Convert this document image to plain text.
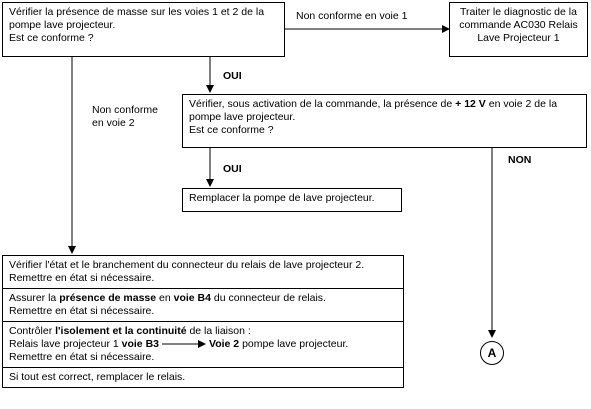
Vérifier la présence de masse sur les voies 1 et 2 de la pompe lave projecteur.
Est ce conforme ?
Traiter le diagnostic de la commande AC030 Relais Lave Projecteur 1
Non conforme en voie 1
OUI
Non conforme
en voie 2
Vérifier, sous activation de la commande, la présence de + 12 V en voie 2 de la pompe lave projecteur.
Est ce conforme ?
OUI
NON
Remplacer la pompe de lave projecteur.
Vérifier l'état et le branchement du connecteur du relais de lave projecteur 2.
Remettre en état si nécessaire.
Assurer la présence de masse en voie B4 du connecteur de relais.
Remettre en état si nécessaire.
Contrôler l'isolement et la continuité de la liaison :
Relais lave projecteur 1 voie B3	Voie 2 pompe lave projecteur.
Remettre en état si nécessaire.
Si tout est correct, remplacer le relais.
A
